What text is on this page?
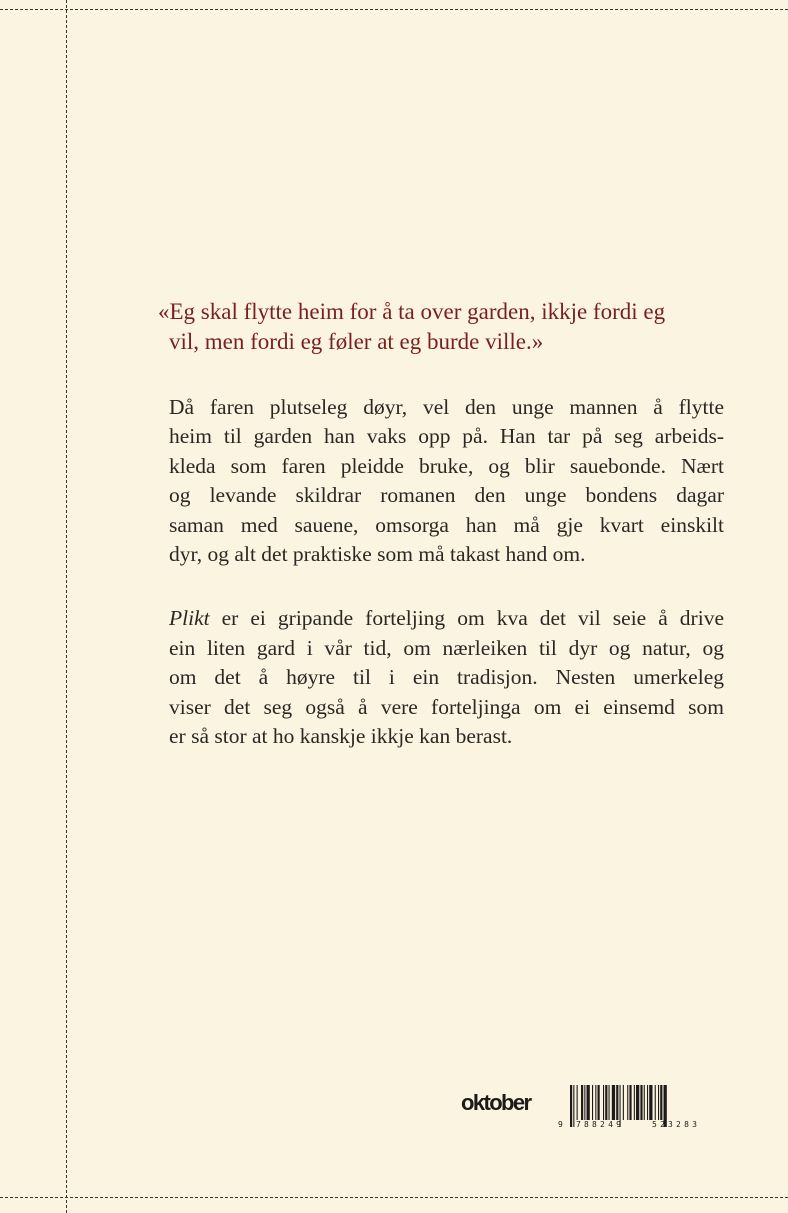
«Eg skal flytte heim for å ta over garden, ikkje fordi eg
vil, men fordi eg føler at eg burde ville.»

Då faren plutseleg døyr, vel den unge mannen å flytte
heim til garden han vaks opp på. Han tar på seg arbeids-
kleda som faren pleidde bruke, og blir sauebonde. Nært
og levande skildrar romanen den unge bondens dagar
saman med sauene, omsorga han må gje kvart einskilt
dyr, og alt det praktiske som må takast hand om.

Plikt er ei gripande forteljing om kva det vil seie å drive
ein liten gard i vår tid, om nærleiken til dyr og natur, og
om det å høyre til i ein tradisjon. Nesten umerkeleg
viser det seg også å vere forteljinga om ei einsemd som
er så stor at ho kanskje ikkje kan berast.

oktober
9 788249	523283
